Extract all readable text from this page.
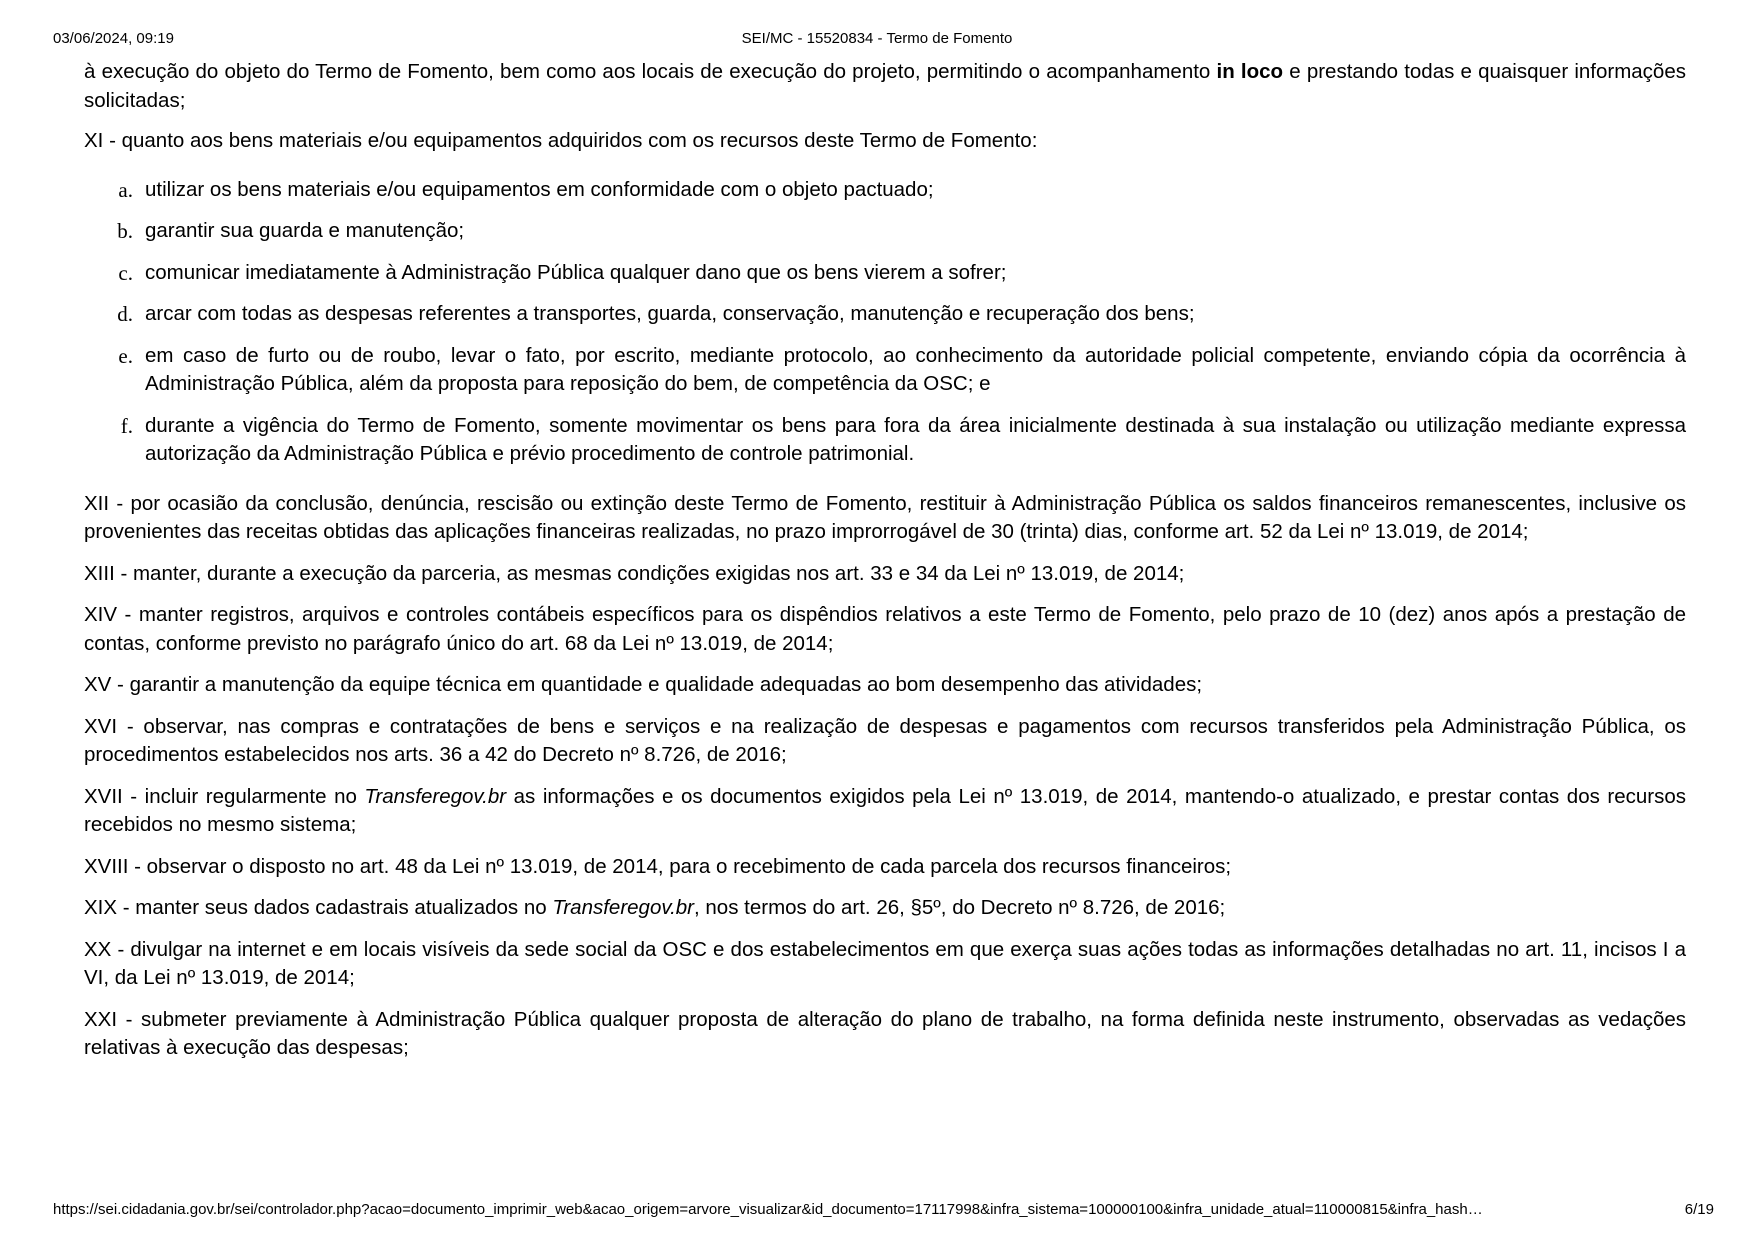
03/06/2024, 09:19	SEI/MC - 15520834 - Termo de Fomento

à execução do objeto do Termo de Fomento, bem como aos locais de execução do projeto, permitindo o acompanhamento in loco e prestando todas e quaisquer informações solicitadas;

XI - quanto aos bens materiais e/ou equipamentos adquiridos com os recursos deste Termo de Fomento:

a. utilizar os bens materiais e/ou equipamentos em conformidade com o objeto pactuado;
b. garantir sua guarda e manutenção;
c. comunicar imediatamente à Administração Pública qualquer dano que os bens vierem a sofrer;
d. arcar com todas as despesas referentes a transportes, guarda, conservação, manutenção e recuperação dos bens;
e. em caso de furto ou de roubo, levar o fato, por escrito, mediante protocolo, ao conhecimento da autoridade policial competente, enviando cópia da ocorrência à Administração Pública, além da proposta para reposição do bem, de competência da OSC; e
f. durante a vigência do Termo de Fomento, somente movimentar os bens para fora da área inicialmente destinada à sua instalação ou utilização mediante expressa autorização da Administração Pública e prévio procedimento de controle patrimonial.

XII - por ocasião da conclusão, denúncia, rescisão ou extinção deste Termo de Fomento, restituir à Administração Pública os saldos financeiros remanescentes, inclusive os provenientes das receitas obtidas das aplicações financeiras realizadas, no prazo improrrogável de 30 (trinta) dias, conforme art. 52 da Lei nº 13.019, de 2014;

XIII - manter, durante a execução da parceria, as mesmas condições exigidas nos art. 33 e 34 da Lei nº 13.019, de 2014;

XIV - manter registros, arquivos e controles contábeis específicos para os dispêndios relativos a este Termo de Fomento, pelo prazo de 10 (dez) anos após a prestação de contas, conforme previsto no parágrafo único do art. 68 da Lei nº 13.019, de 2014;

XV - garantir a manutenção da equipe técnica em quantidade e qualidade adequadas ao bom desempenho das atividades;

XVI - observar, nas compras e contratações de bens e serviços e na realização de despesas e pagamentos com recursos transferidos pela Administração Pública, os procedimentos estabelecidos nos arts. 36 a 42 do Decreto nº 8.726, de 2016;

XVII - incluir regularmente no Transferegov.br as informações e os documentos exigidos pela Lei nº 13.019, de 2014, mantendo-o atualizado, e prestar contas dos recursos recebidos no mesmo sistema;

XVIII - observar o disposto no art. 48 da Lei nº 13.019, de 2014, para o recebimento de cada parcela dos recursos financeiros;

XIX - manter seus dados cadastrais atualizados no Transferegov.br, nos termos do art. 26, §5º, do Decreto nº 8.726, de 2016;

XX - divulgar na internet e em locais visíveis da sede social da OSC e dos estabelecimentos em que exerça suas ações todas as informações detalhadas no art. 11, incisos I a VI, da Lei nº 13.019, de 2014;

XXI - submeter previamente à Administração Pública qualquer proposta de alteração do plano de trabalho, na forma definida neste instrumento, observadas as vedações relativas à execução das despesas;

https://sei.cidadania.gov.br/sei/controlador.php?acao=documento_imprimir_web&acao_origem=arvore_visualizar&id_documento=17117998&infra_sistema=100000100&infra_unidade_atual=110000815&infra_hash…	6/19
